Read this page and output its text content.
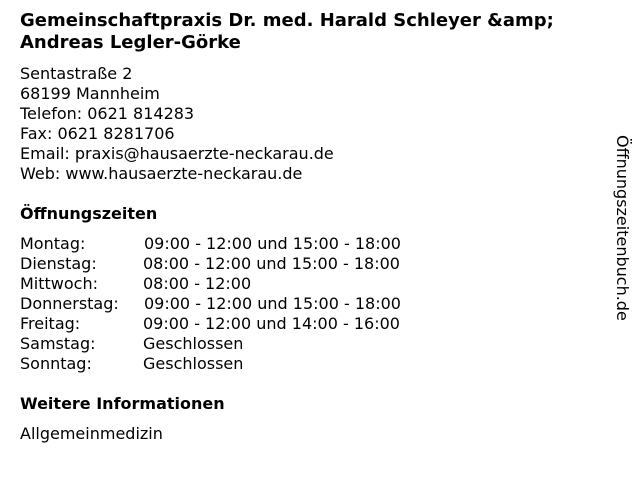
Gemeinschaftpraxis Dr. med. Harald Schleyer &amp; Andreas Legler-Görke
Sentastraße 2
68199 Mannheim
Telefon: 0621 814283
Fax: 0621 8281706
Email: praxis@hausaerzte-neckarau.de
Web: www.hausaerzte-neckarau.de
Öffnungszeiten
Montag:	09:00 - 12:00 und 15:00 - 18:00
Dienstag:	08:00 - 12:00 und 15:00 - 18:00
Mittwoch:	08:00 - 12:00
Donnerstag: 09:00 - 12:00 und 15:00 - 18:00
Freitag:	09:00 - 12:00 und 14:00 - 16:00
Samstag:	Geschlossen
Sonntag:	Geschlossen
Weitere Informationen
Allgemeinmedizin
Öffnungszeitenbuch.de
